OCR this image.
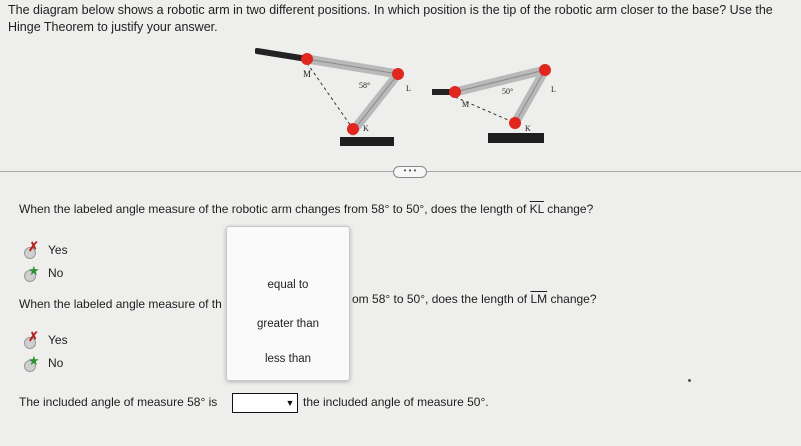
The diagram below shows a robotic arm in two different positions. In which position is the tip of the robotic arm closer to the base? Use the Hinge Theorem to justify your answer.
M
L
K
58°
M
L
K
50°
• • •
When the labeled angle measure of the robotic arm changes from 58° to 50°, does the length of $\overline{KL}$ change?
✗ Yes
★ No
When the labeled angle measure of th	om 58° to 50°, does the length of $\overline{LM}$ change?
✗ Yes
★ No
equal to
greater than
less than
The included angle of measure 58° is	▼ the included angle of measure 50°.
